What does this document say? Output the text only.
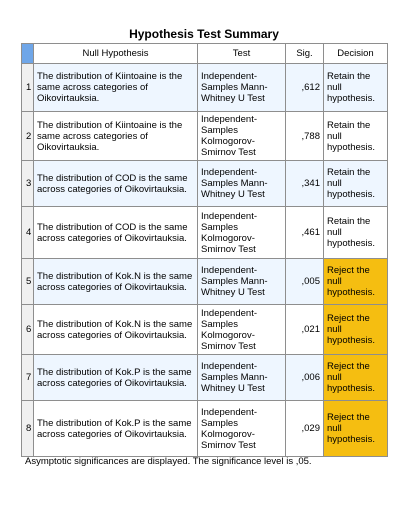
Hypothesis Test Summary
	Null Hypothesis	Test	Sig.	Decision
1	The distribution of Kiintoaine is the same across categories of Oikovirtauksia.	Independent-Samples Mann-Whitney U Test	,612	Retain the null hypothesis.
2	The distribution of Kiintoaine is the same across categories of Oikovirtauksia.	Independent-Samples Kolmogorov-Smirnov Test	,788	Retain the null hypothesis.
3	The distribution of COD is the same across categories of Oikovirtauksia.	Independent-Samples Mann-Whitney U Test	,341	Retain the null hypothesis.
4	The distribution of COD is the same across categories of Oikovirtauksia.	Independent-Samples Kolmogorov-Smirnov Test	,461	Retain the null hypothesis.
5	The distribution of Kok.N is the same across categories of Oikovirtauksia.	Independent-Samples Mann-Whitney U Test	,005	Reject the null hypothesis.
6	The distribution of Kok.N is the same across categories of Oikovirtauksia.	Independent-Samples Kolmogorov-Smirnov Test	,021	Reject the null hypothesis.
7	The distribution of Kok.P is the same across categories of Oikovirtauksia.	Independent-Samples Mann-Whitney U Test	,006	Reject the null hypothesis.
8	The distribution of Kok.P is the same across categories of Oikovirtauksia.	Independent-Samples Kolmogorov-Smirnov Test	,029	Reject the null hypothesis.
Asymptotic significances are displayed. The significance level is ,05.
